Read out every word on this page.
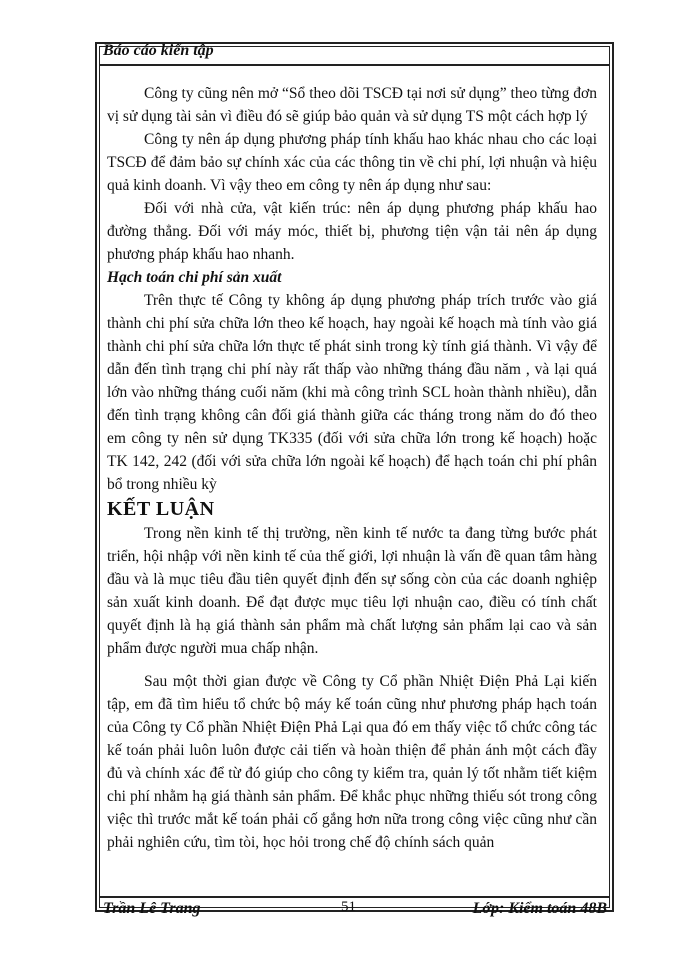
Báo cáo kiến tập

Công ty cũng nên mở “Sổ theo dõi TSCĐ tại nơi sử dụng” theo từng đơn vị sử dụng tài sản vì điều đó sẽ giúp bảo quản và sử dụng TS một cách hợp lý

Công ty nên áp dụng phương pháp tính khấu hao khác nhau cho các loại TSCĐ để đảm bảo sự chính xác của các thông tin về chi phí, lợi nhuận và hiệu quả kinh doanh. Vì vậy theo em công ty nên áp dụng như sau:

Đối với nhà cửa, vật kiến trúc: nên áp dụng phương pháp khấu hao đường thẳng. Đối với máy móc, thiết bị, phương tiện vận tải nên áp dụng phương pháp khấu hao nhanh.

Hạch toán chi phí sản xuất

Trên thực tế Công ty không áp dụng phương pháp trích trước vào giá thành chi phí sửa chữa lớn theo kế hoạch, hay ngoài kế hoạch mà tính vào giá thành chi phí sửa chữa lớn thực tế phát sinh trong kỳ tính giá thành. Vì vậy để dẫn đến tình trạng chi phí này rất thấp vào những tháng đầu năm , và lại quá lớn vào những tháng cuối năm (khi mà công trình SCL hoàn thành nhiều), dẫn đến tình trạng không cân đối giá thành giữa các tháng trong năm do đó theo em công ty nên sử dụng TK335 (đối với sửa chữa lớn trong kế hoạch) hoặc TK 142, 242 (đối với sửa chữa lớn ngoài kế hoạch) để hạch toán chi phí phân bổ trong nhiều kỳ

KẾT LUẬN

Trong nền kinh tế thị trường, nền kinh tế nước ta đang từng bước phát triển, hội nhập với nền kinh tế của thế giới, lợi nhuận là vấn đề quan tâm hàng đầu và là mục tiêu đầu tiên quyết định đến sự sống còn của các doanh nghiệp sản xuất kinh doanh. Để đạt được mục tiêu lợi nhuận cao, điều có tính chất quyết định là hạ giá thành sản phẩm mà chất lượng sản phẩm lại cao và sản phẩm được người mua chấp nhận.

Sau một thời gian được về Công ty Cổ phần Nhiệt Điện Phả Lại kiến tập, em đã tìm hiểu tổ chức bộ máy kế toán cũng như phương pháp hạch toán của Công ty Cổ phần Nhiệt Điện Phả Lại qua đó em thấy việc tổ chức công tác kế toán phải luôn luôn được cải tiến và hoàn thiện để phản ánh một cách đầy đủ và chính xác để từ đó giúp cho công ty kiểm tra, quản lý tốt nhằm tiết kiệm chi phí nhằm hạ giá thành sản phẩm. Để khắc phục những thiếu sót trong công việc thì trước mắt kế toán phải cố gắng hơn nữa trong công việc cũng như cần phải nghiên cứu, tìm tòi, học hỏi trong chế độ chính sách quản

Trần Lê Trang	51	Lớp: Kiểm toán 48B
